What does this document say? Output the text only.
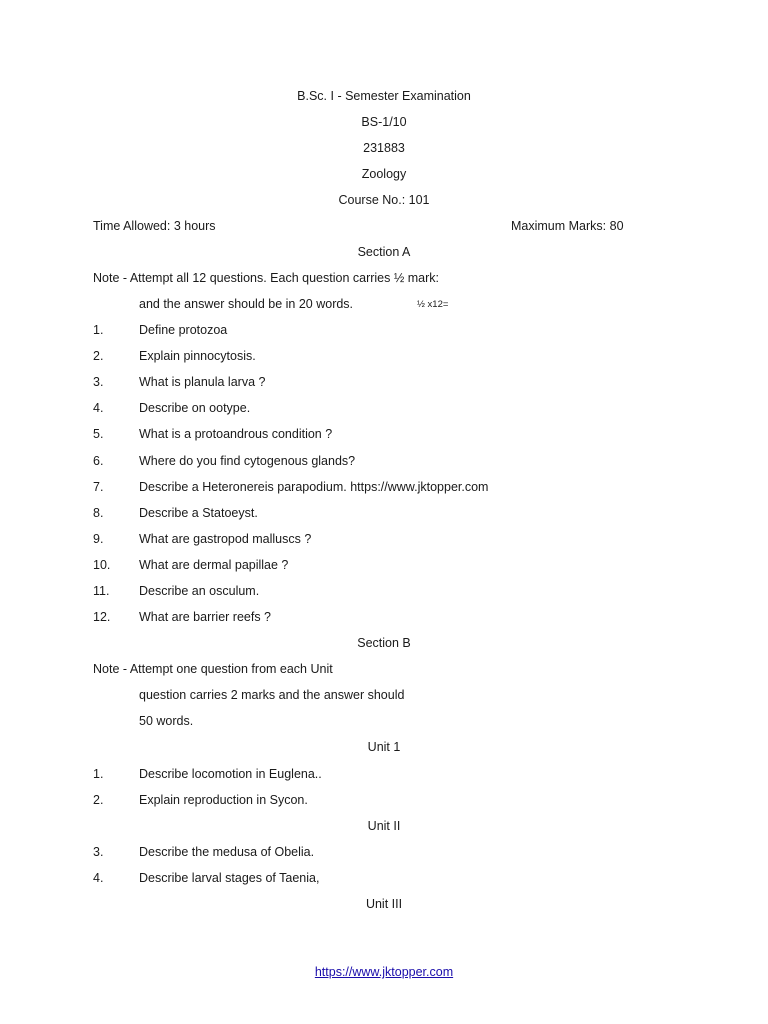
B.Sc. I - Semester Examination
BS-1/10
231883
Zoology
Course No.: 101
Time Allowed: 3 hours	Maximum Marks: 80
Section A
Note - Attempt all 12 questions. Each question carries ½ mark:
and the answer should be in 20 words.	½ x12=
1.	Define protozoa
2.	Explain pinnocytosis.
3.	What is planula larva ?
4.	Describe on ootype.
5.	What is a protoandrous condition ?
6.	Where do you find cytogenous glands?
7.	Describe a Heteronereis parapodium. https://www.jktopper.com
8.	Describe a Statoeyst.
9.	What are gastropod malluscs ?
10. What are dermal papillae ?
11. Describe an osculum.
12. What are barrier reefs ?
Section B
Note - Attempt one question from each Unit
question carries 2 marks and the answer should
50 words.
Unit 1
1.	Describe locomotion in Euglena..
2.	Explain reproduction in Sycon.
Unit II
3.	Describe the medusa of Obelia.
4.	Describe larval stages of Taenia,
Unit III
https://www.jktopper.com
